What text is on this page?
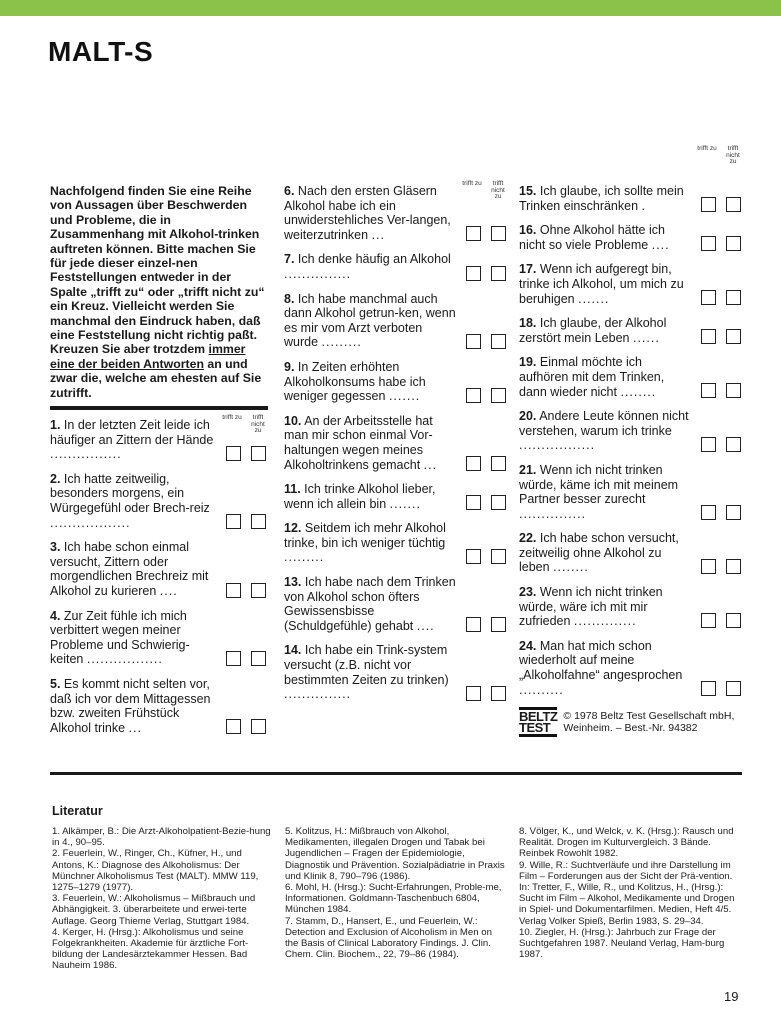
MALT-S

Nachfolgend finden Sie eine Reihe von Aussagen über Beschwerden und Probleme, die in Zusammenhang mit Alkohol-trinken auftreten können. Bitte machen Sie für jede dieser einzel-nen Feststellungen entweder in der Spalte „trifft zu“ oder „trifft nicht zu“ ein Kreuz. Vielleicht werden Sie manchmal den Eindruck haben, daß eine Feststellung nicht richtig paßt. Kreuzen Sie aber trotzdem immer eine der beiden Antworten an und zwar die, welche am ehesten auf Sie zutrifft.

trifft zu	trifft nicht zu
1. In der letzten Zeit leide ich häufiger an Zittern der Hände ................
2. Ich hatte zeitweilig, besonders morgens, ein Würgegefühl oder Brech-reiz ..................
3. Ich habe schon einmal versucht, Zittern oder morgendlichen Brechreiz mit Alkohol zu kurieren ....
4. Zur Zeit fühle ich mich verbittert wegen meiner Probleme und Schwierig-keiten .................
5. Es kommt nicht selten vor, daß ich vor dem Mittagessen bzw. zweiten Frühstück Alkohol trinke ...
trifft zu	trifft nicht zu
6. Nach den ersten Gläsern Alkohol habe ich ein unwiderstehliches Ver-langen, weiterzutrinken ...
7. Ich denke häufig an Alkohol ...............
8. Ich habe manchmal auch dann Alkohol getrun-ken, wenn es mir vom Arzt verboten wurde .........
9. In Zeiten erhöhten Alkoholkonsums habe ich weniger gegessen .......
10. An der Arbeitsstelle hat man mir schon einmal Vor-haltungen wegen meines Alkoholtrinkens gemacht ...
11. Ich trinke Alkohol lieber, wenn ich allein bin .......
12. Seitdem ich mehr Alkohol trinke, bin ich weniger tüchtig .........
13. Ich habe nach dem Trinken von Alkohol schon öfters Gewissensbisse (Schuldgefühle) gehabt ....
14. Ich habe ein Trink-system versucht (z.B. nicht vor bestimmten Zeiten zu trinken) ...............
trifft zu	trifft nicht zu
15. Ich glaube, ich sollte mein Trinken einschränken .
16. Ohne Alkohol hätte ich nicht so viele Probleme ....
17. Wenn ich aufgeregt bin, trinke ich Alkohol, um mich zu beruhigen .......
18. Ich glaube, der Alkohol zerstört mein Leben ......
19. Einmal möchte ich aufhören mit dem Trinken, dann wieder nicht ........
20. Andere Leute können nicht verstehen, warum ich trinke .................
21. Wenn ich nicht trinken würde, käme ich mit meinem Partner besser zurecht ...............
22. Ich habe schon versucht, zeitweilig ohne Alkohol zu leben ........
23. Wenn ich nicht trinken würde, wäre ich mit mir zufrieden ..............
24. Man hat mich schon wiederholt auf meine „Alkoholfahne“ angesprochen ..........
BELTZ
TEST
© 1978 Beltz Test Gesellschaft mbH,
Weinheim. – Best.-Nr. 94382
Literatur

1. Alkämper, B.: Die Arzt-Alkoholpatient-Bezie-hung in 4., 90–95.

2. Feuerlein, W., Ringer, Ch., Küfner, H., und Antons, K.: Diagnose des Alkoholismus: Der Münchner Alkoholismus Test (MALT). MMW 119, 1275–1279 (1977).

3. Feuerlein, W.: Alkoholismus – Mißbrauch und Abhängigkeit. 3. überarbeitete und erwei-terte Auflage. Georg Thieme Verlag, Stuttgart 1984.

4. Kerger, H. (Hrsg.): Alkoholismus und seine Folgekrankheiten. Akademie für ärztliche Fort-bildung der Landesärztekammer Hessen. Bad Nauheim 1986.

5. Kolitzus, H.: Mißbrauch von Alkohol, Medikamenten, illegalen Drogen und Tabak bei Jugendlichen – Fragen der Epidemiologie, Diagnostik und Prävention. Sozialpädiatrie in Praxis und Klinik 8, 790–796 (1986).

6. Mohl, H. (Hrsg.): Sucht-Erfahrungen, Proble-me, Informationen. Goldmann-Taschenbuch 6804, München 1984.

7. Stamm, D., Hansert, E., und Feuerlein, W.: Detection and Exclusion of Alcoholism in Men on the Basis of Clinical Laboratory Findings. J. Clin. Chem. Clin. Biochem., 22, 79–86 (1984).

8. Völger, K., und Welck, v. K. (Hrsg.): Rausch und Realität. Drogen im Kulturvergleich. 3 Bände. Reinbek Rowohlt 1982.

9. Wille, R.: Suchtverläufe und ihre Darstellung im Film – Forderungen aus der Sicht der Prä-vention. In: Tretter, F., Wille, R., und Kolitzus, H., (Hrsg.): Sucht im Film – Alkohol, Medikamente und Drogen in Spiel- und Dokumentarfilmen. Medien, Heft 4/5. Verlag Volker Spieß, Berlin 1983, S. 29–34.

10. Ziegler, H. (Hrsg.): Jahrbuch zur Frage der Suchtgefahren 1987. Neuland Verlag, Ham-burg 1987.

19
